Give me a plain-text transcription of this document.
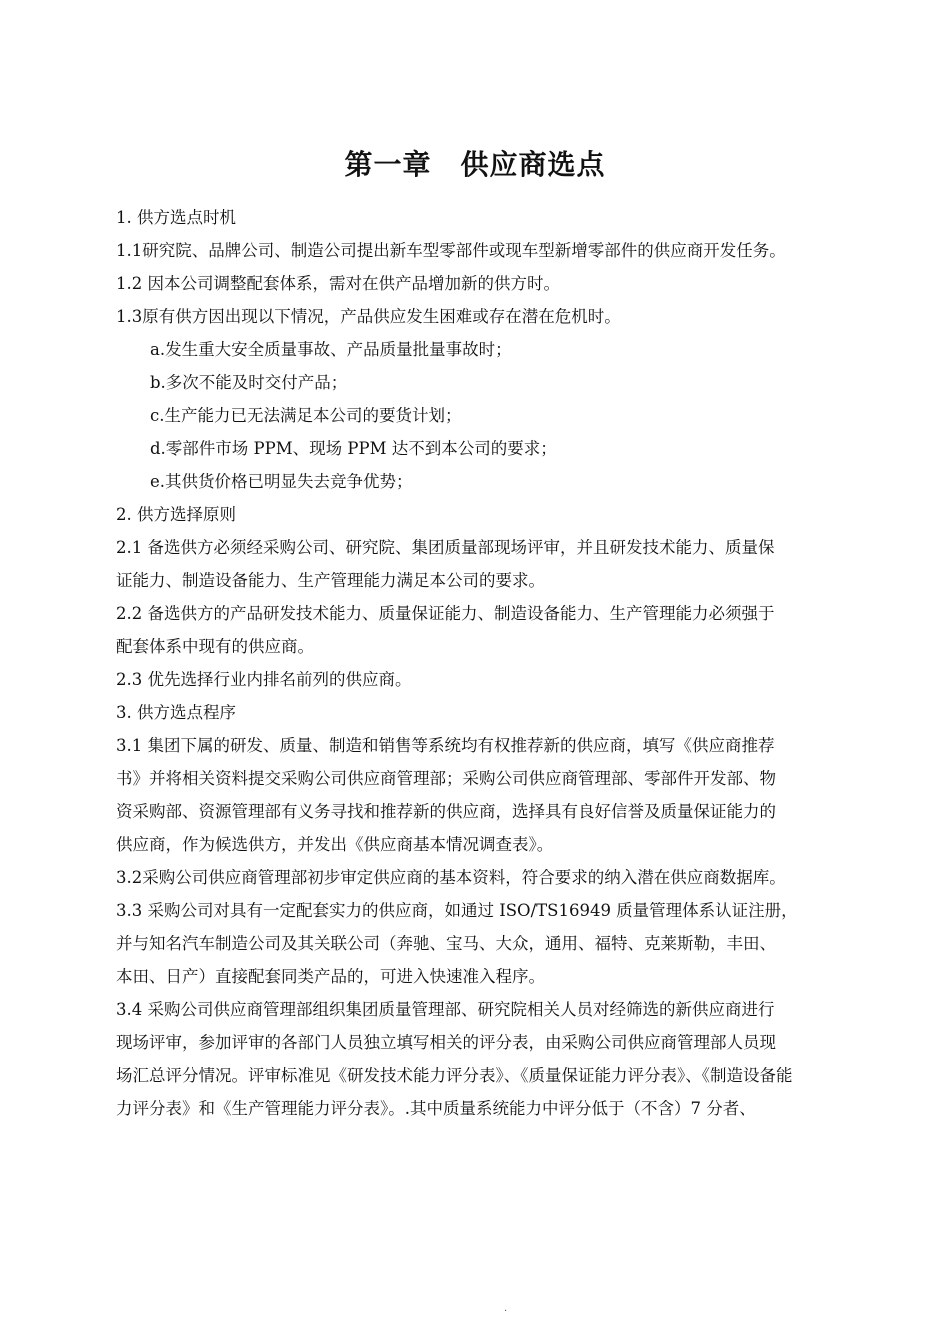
第一章　供应商选点
1. 供方选点时机
1.1研究院、品牌公司、制造公司提出新车型零部件或现车型新增零部件的供应商开发任务。
1.2 因本公司调整配套体系，需对在供产品增加新的供方时。
1.3原有供方因出现以下情况，产品供应发生困难或存在潜在危机时。
a.发生重大安全质量事故、产品质量批量事故时；
b.多次不能及时交付产品；
c.生产能力已无法满足本公司的要货计划；
d.零部件市场 PPM、现场 PPM 达不到本公司的要求；
e.其供货价格已明显失去竞争优势；
2. 供方选择原则
2.1 备选供方必须经采购公司、研究院、集团质量部现场评审，并且研发技术能力、质量保
证能力、制造设备能力、生产管理能力满足本公司的要求。
2.2 备选供方的产品研发技术能力、质量保证能力、制造设备能力、生产管理能力必须强于
配套体系中现有的供应商。
2.3 优先选择行业内排名前列的供应商。
3. 供方选点程序
3.1 集团下属的研发、质量、制造和销售等系统均有权推荐新的供应商，填写《供应商推荐
书》并将相关资料提交采购公司供应商管理部；采购公司供应商管理部、零部件开发部、物
资采购部、资源管理部有义务寻找和推荐新的供应商，选择具有良好信誉及质量保证能力的
供应商，作为候选供方，并发出《供应商基本情况调查表》。
3.2采购公司供应商管理部初步审定供应商的基本资料，符合要求的纳入潜在供应商数据库。
3.3 采购公司对具有一定配套实力的供应商，如通过 ISO/TS16949 质量管理体系认证注册，
并与知名汽车制造公司及其关联公司（奔驰、宝马、大众，通用、福特、克莱斯勒，丰田、
本田、日产）直接配套同类产品的，可进入快速准入程序。
3.4 采购公司供应商管理部组织集团质量管理部、研究院相关人员对经筛选的新供应商进行
现场评审，参加评审的各部门人员独立填写相关的评分表，由采购公司供应商管理部人员现
场汇总评分情况。评审标准见《研发技术能力评分表》、《质量保证能力评分表》、《制造设备能
力评分表》和《生产管理能力评分表》。.其中质量系统能力中评分低于（不含）7 分者、
.
